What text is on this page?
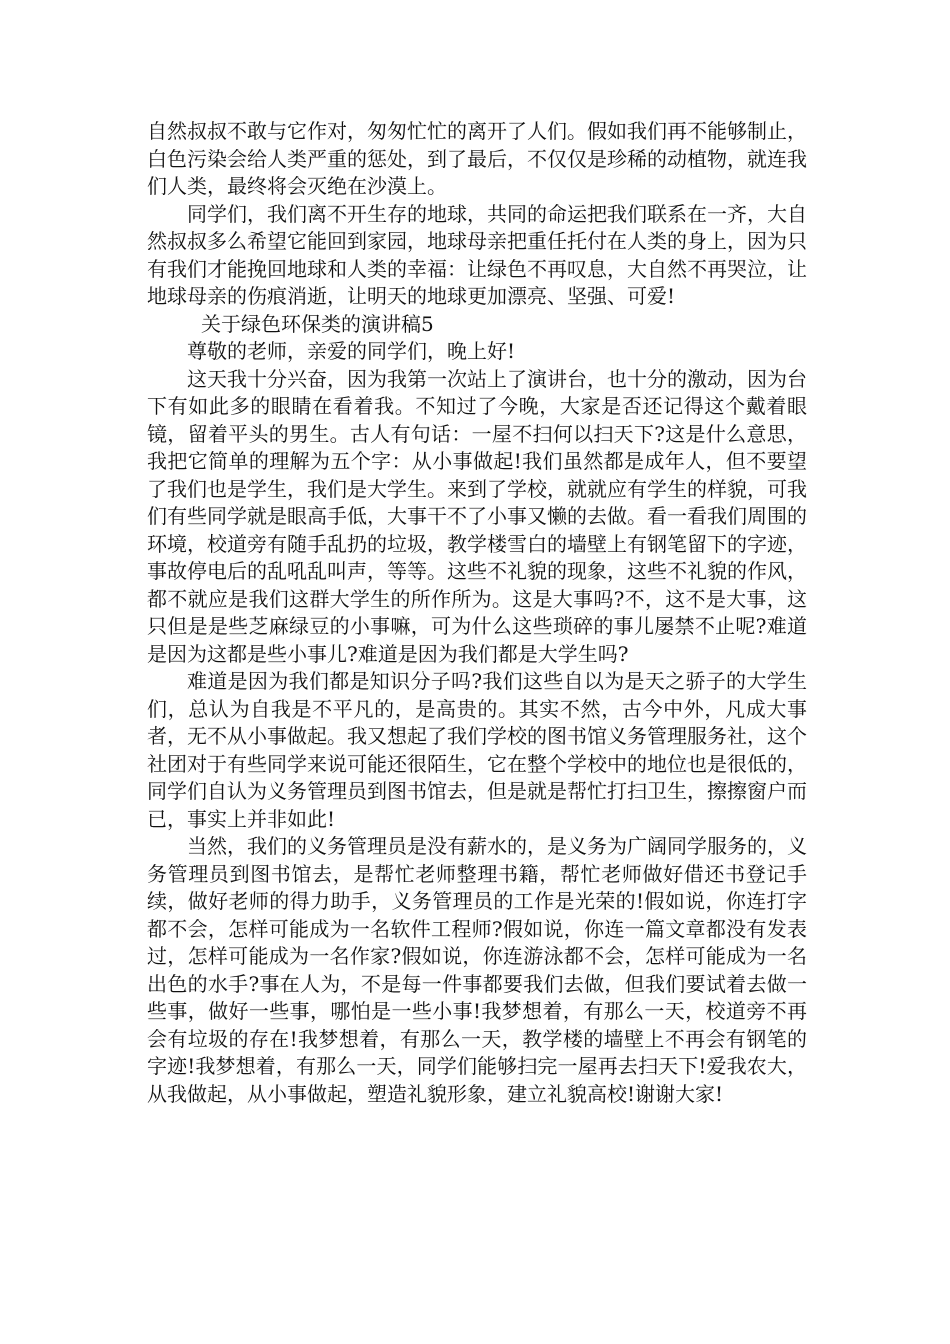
自然叔叔不敢与它作对，匆匆忙忙的离开了人们。假如我们再不能够制止，白色污染会给人类严重的惩处，到了最后，不仅仅是珍稀的动植物，就连我们人类，最终将会灭绝在沙漠上。

同学们，我们离不开生存的地球，共同的命运把我们联系在一齐，大自然叔叔多么希望它能回到家园，地球母亲把重任托付在人类的身上，因为只有我们才能挽回地球和人类的幸福：让绿色不再叹息，大自然不再哭泣，让地球母亲的伤痕消逝，让明天的地球更加漂亮、坚强、可爱!

关于绿色环保类的演讲稿5

尊敬的老师，亲爱的同学们，晚上好!

这天我十分兴奋，因为我第一次站上了演讲台，也十分的激动，因为台下有如此多的眼睛在看着我。不知过了今晚，大家是否还记得这个戴着眼镜，留着平头的男生。古人有句话：一屋不扫何以扫天下?这是什么意思，我把它简单的理解为五个字：从小事做起!我们虽然都是成年人，但不要望了我们也是学生，我们是大学生。来到了学校，就就应有学生的样貌，可我们有些同学就是眼高手低，大事干不了小事又懒的去做。看一看我们周围的环境，校道旁有随手乱扔的垃圾，教学楼雪白的墙壁上有钢笔留下的字迹，事故停电后的乱吼乱叫声，等等。这些不礼貌的现象，这些不礼貌的作风，都不就应是我们这群大学生的所作所为。这是大事吗?不，这不是大事，这只但是是些芝麻绿豆的小事嘛，可为什么这些琐碎的事儿屡禁不止呢?难道是因为这都是些小事儿?难道是因为我们都是大学生吗?

难道是因为我们都是知识分子吗?我们这些自以为是天之骄子的大学生们，总认为自我是不平凡的，是高贵的。其实不然，古今中外，凡成大事者，无不从小事做起。我又想起了我们学校的图书馆义务管理服务社，这个社团对于有些同学来说可能还很陌生，它在整个学校中的地位也是很低的，同学们自认为义务管理员到图书馆去，但是就是帮忙打扫卫生，擦擦窗户而已，事实上并非如此!

当然，我们的义务管理员是没有薪水的，是义务为广阔同学服务的，义务管理员到图书馆去，是帮忙老师整理书籍，帮忙老师做好借还书登记手续，做好老师的得力助手，义务管理员的工作是光荣的!假如说，你连打字都不会，怎样可能成为一名软件工程师?假如说，你连一篇文章都没有发表过，怎样可能成为一名作家?假如说，你连游泳都不会，怎样可能成为一名出色的水手?事在人为，不是每一件事都要我们去做，但我们要试着去做一些事，做好一些事，哪怕是一些小事!我梦想着，有那么一天，校道旁不再会有垃圾的存在!我梦想着，有那么一天，教学楼的墙壁上不再会有钢笔的字迹!我梦想着，有那么一天，同学们能够扫完一屋再去扫天下!爱我农大，从我做起，从小事做起，塑造礼貌形象，建立礼貌高校!谢谢大家!
